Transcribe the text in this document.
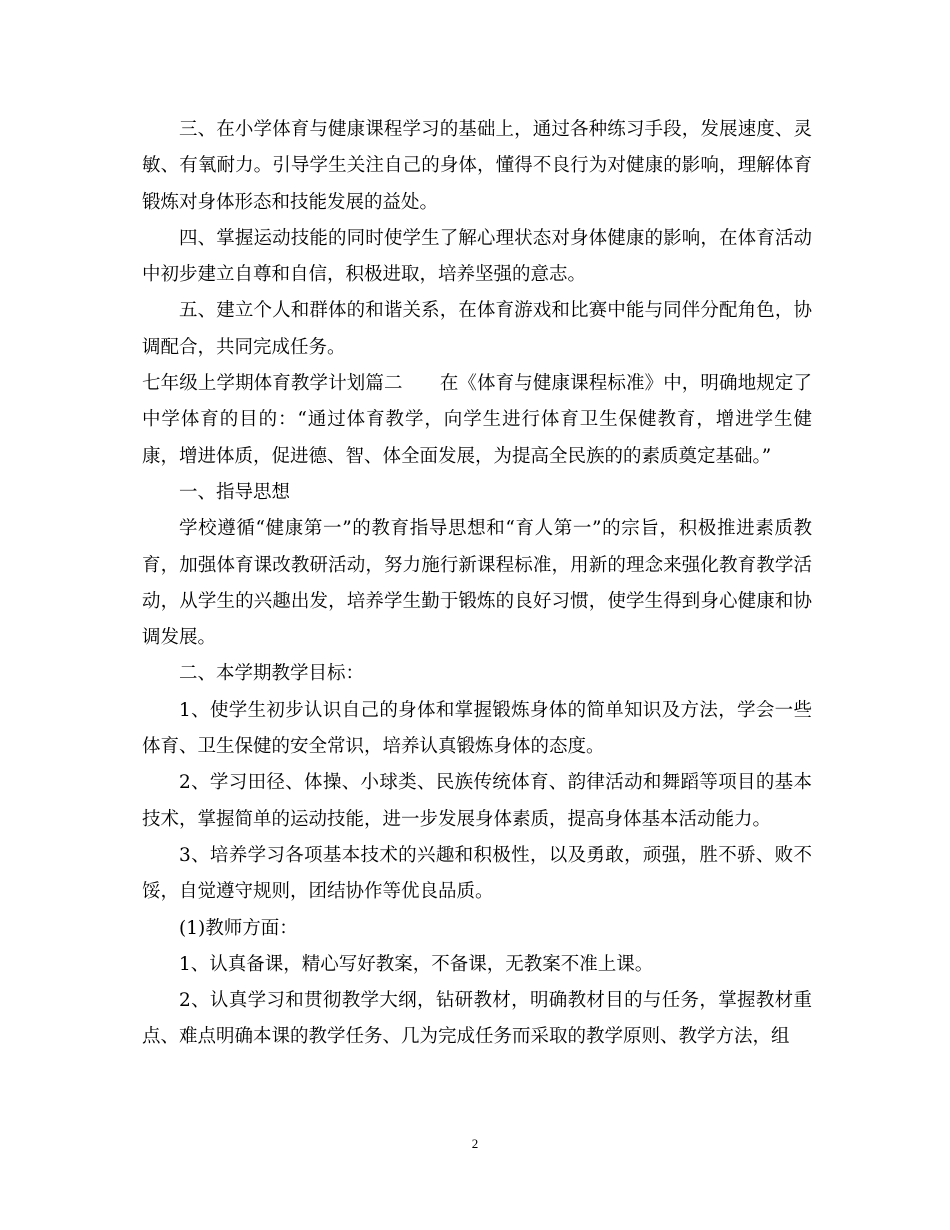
三、在小学体育与健康课程学习的基础上，通过各种练习手段，发展速度、灵敏、有氧耐力。引导学生关注自己的身体，懂得不良行为对健康的影响，理解体育锻炼对身体形态和技能发展的益处。

四、掌握运动技能的同时使学生了解心理状态对身体健康的影响，在体育活动中初步建立自尊和自信，积极进取，培养坚强的意志。

五、建立个人和群体的和谐关系，在体育游戏和比赛中能与同伴分配角色，协调配合，共同完成任务。

七年级上学期体育教学计划篇二　　在《体育与健康课程标准》中，明确地规定了中学体育的目的：“通过体育教学，向学生进行体育卫生保健教育，增进学生健康，增进体质，促进德、智、体全面发展，为提高全民族的的素质奠定基础。”

一、指导思想

学校遵循“健康第一”的教育指导思想和“育人第一”的宗旨，积极推进素质教育，加强体育课改教研活动，努力施行新课程标准，用新的理念来强化教育教学活动，从学生的兴趣出发，培养学生勤于锻炼的良好习惯，使学生得到身心健康和协调发展。

二、本学期教学目标：

1、使学生初步认识自己的身体和掌握锻炼身体的简单知识及方法，学会一些体育、卫生保健的安全常识，培养认真锻炼身体的态度。

2、学习田径、体操、小球类、民族传统体育、韵律活动和舞蹈等项目的基本技术，掌握简单的运动技能，进一步发展身体素质，提高身体基本活动能力。

3、培养学习各项基本技术的兴趣和积极性，以及勇敢，顽强，胜不骄、败不馁，自觉遵守规则，团结协作等优良品质。

(1)教师方面：

1、认真备课，精心写好教案，不备课，无教案不准上课。

2、认真学习和贯彻教学大纲，钻研教材，明确教材目的与任务，掌握教材重点、难点明确本课的教学任务、几为完成任务而采取的教学原则、教学方法，组

2
